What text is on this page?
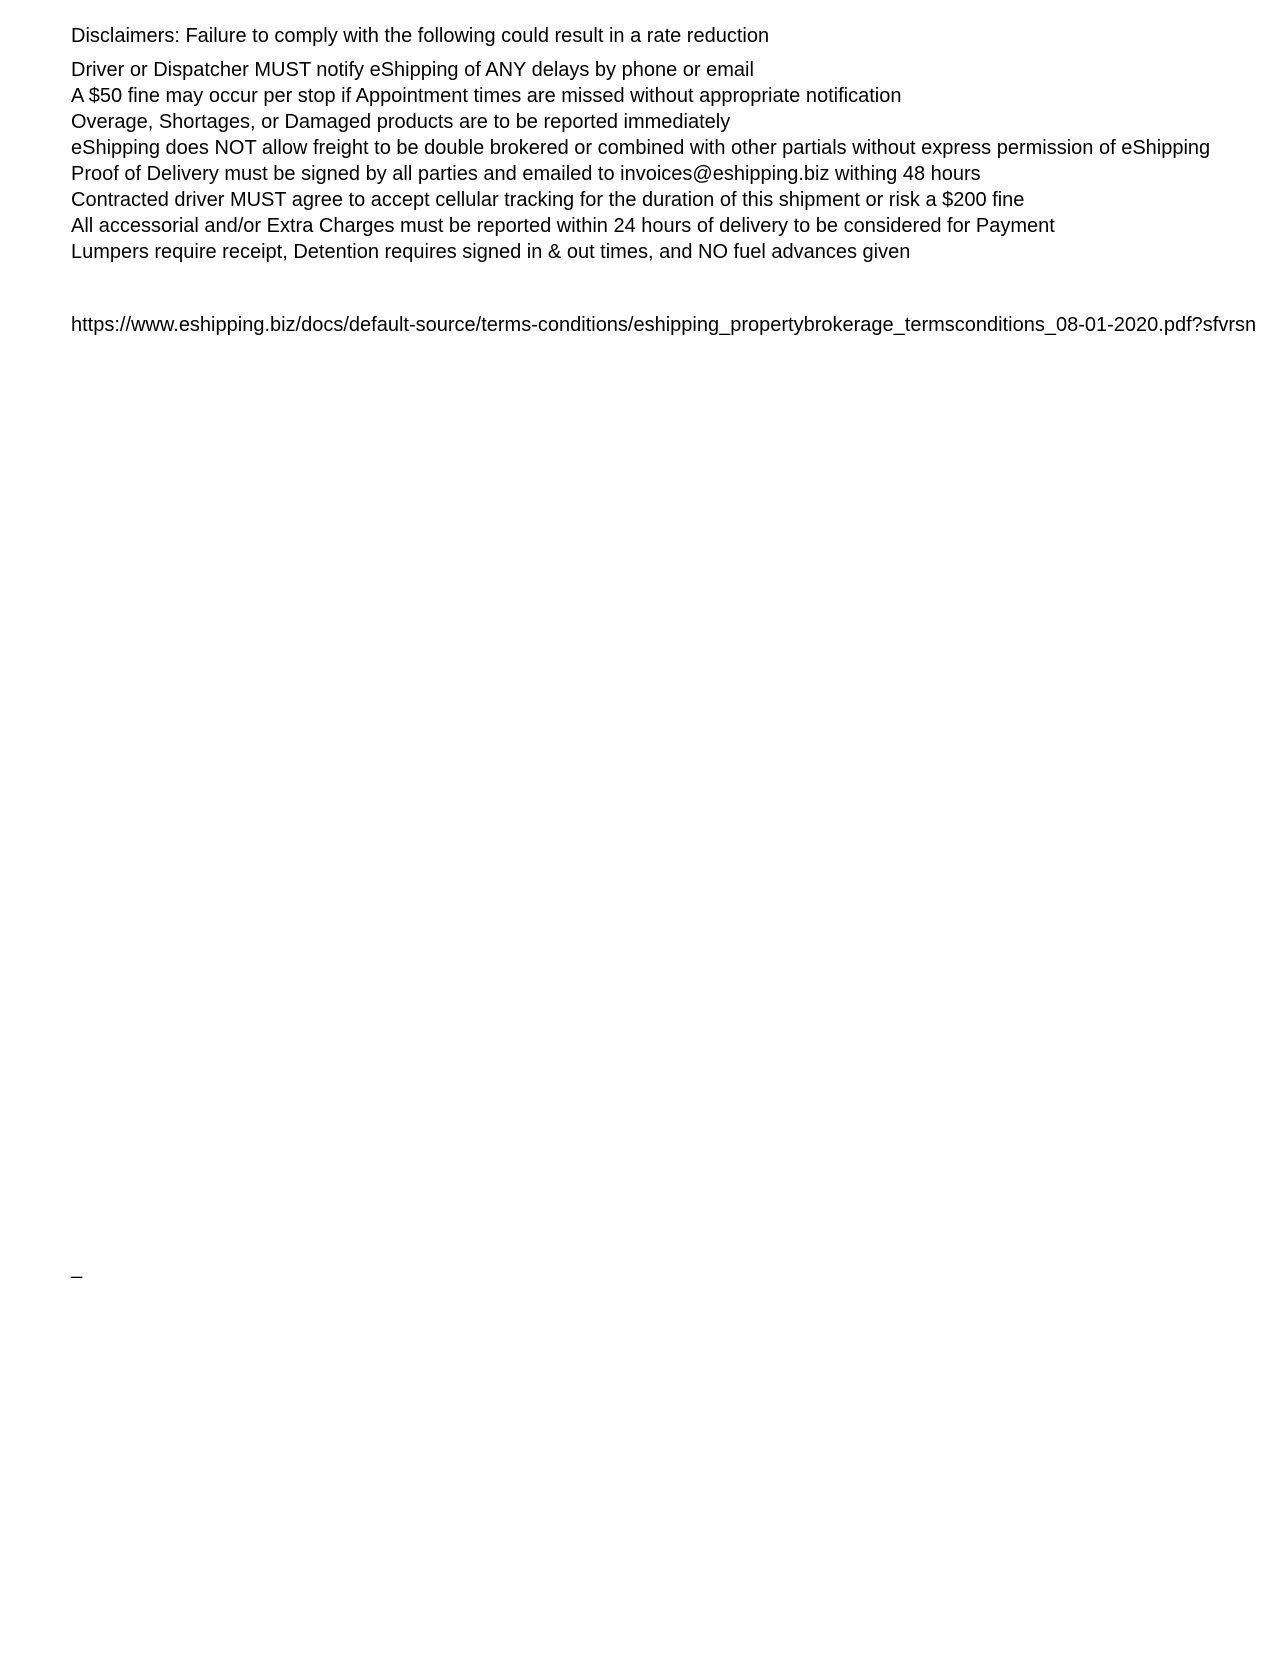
Disclaimers: Failure to comply with the following could result in a rate reduction
Driver or Dispatcher MUST notify eShipping of ANY delays by phone or email
A $50 fine may occur per stop if Appointment times are missed without appropriate notification
Overage, Shortages, or Damaged products are to be reported immediately
eShipping does NOT allow freight to be double brokered or combined with other partials without express permission of eShipping
Proof of Delivery must be signed by all parties and emailed to invoices@eshipping.biz withing 48 hours
Contracted driver MUST agree to accept cellular tracking for the duration of this shipment or risk a $200 fine
All accessorial and/or Extra Charges must be reported within 24 hours of delivery to be considered for Payment
Lumpers require receipt, Detention requires signed in & out times, and NO fuel advances given
https://www.eshipping.biz/docs/default-source/terms-conditions/eshipping_propertybrokerage_termsconditions_08-01-2020.pdf?sfvrsn
_
